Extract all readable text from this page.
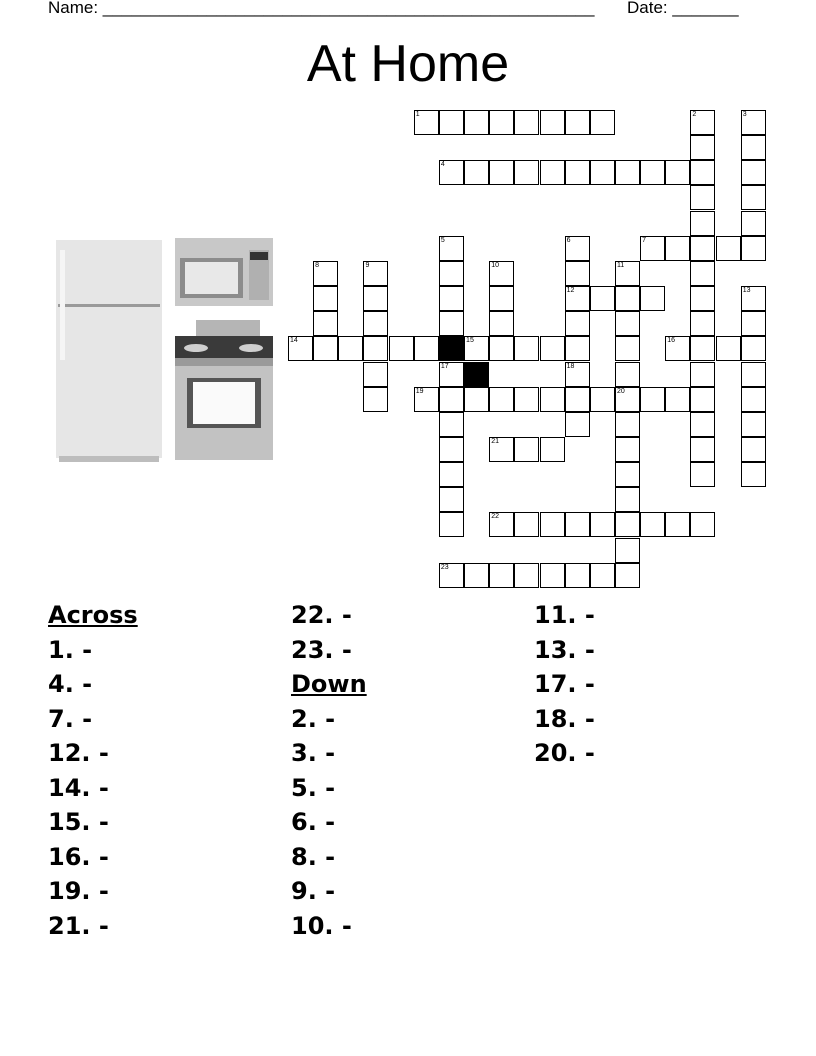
Name: ____________________________________________________ Date: _______
At Home
1
4
7
12
14	15	16
19	20
21
22
23
2	3
5
17
6
18
8	9	10	11
13
Across
1. -
4. -
7. -
12. -
14. -
15. -
16. -
19. -
21. -
22. -
23. -
Down
2. -
3. -
5. -
6. -
8. -
9. -
10. -
11. -
13. -
17. -
18. -
20. -
